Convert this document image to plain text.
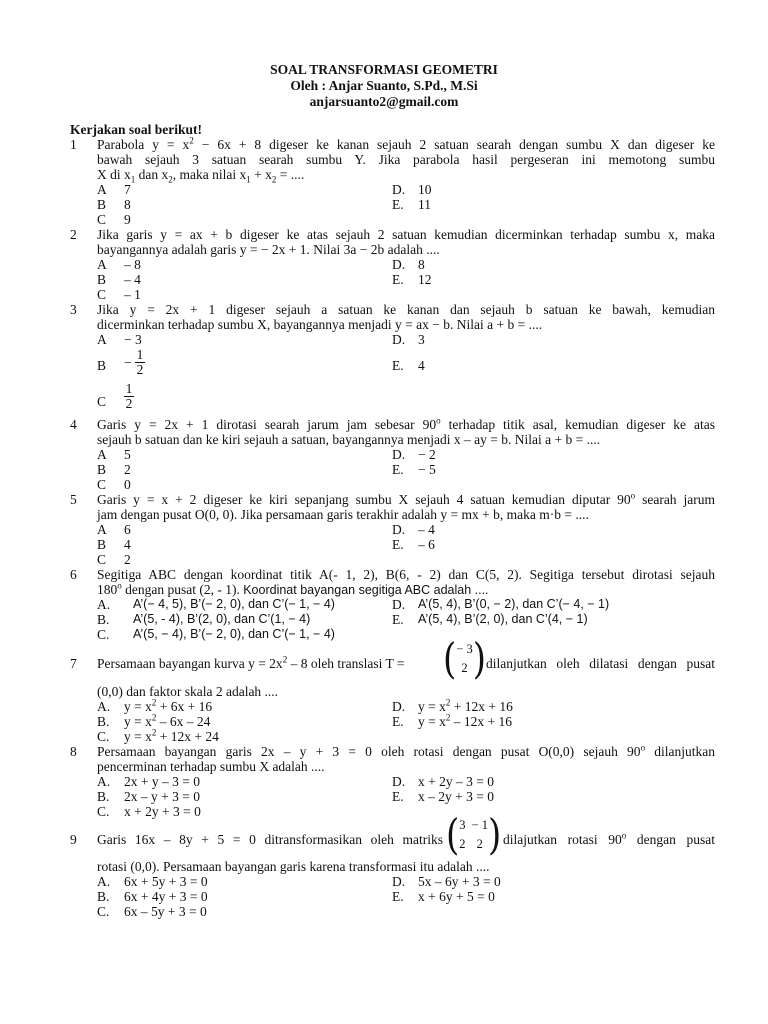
SOAL TRANSFORMASI GEOMETRI
Oleh : Anjar Suanto, S.Pd., M.Si
anjarsuanto2@gmail.com
Kerjakan soal berikut!
1 Parabola $y = x^2 - 6x + 8$ digeser ke kanan sejauh 2 satuan searah dengan sumbu X dan digeser ke
bawah sejauh 3 satuan searah sumbu Y. Jika parabola hasil pergeseran ini memotong sumbu
X di $x_1$ dan $x_2$, maka nilai $x_1 + x_2$ = ....
A 7	D. 10
B 8	E. 11
C 9
2 Jika garis y = ax + b digeser ke atas sejauh 2 satuan kemudian dicerminkan terhadap sumbu x, maka
bayangannya adalah garis y = − 2x + 1. Nilai 3a − 2b adalah ....
A – 8	D. 8
B – 4	E. 12
C – 1
3 Jika y = 2x + 1 digeser sejauh a satuan ke kanan dan sejauh b satuan ke bawah, kemudian
dicerminkan terhadap sumbu X, bayangannya menjadi y = ax − b. Nilai a + b = ....
A − 3	D. 3
$B - \frac{1}{2}$	E. 4
C $\frac{1}{2}$
4 Garis y = 2x + 1 dirotasi searah jarum jam sebesar 90$^o$ terhadap titik asal, kemudian digeser ke atas
sejauh b satuan dan ke kiri sejauh a satuan, bayangannya menjadi x – ay = b. Nilai a + b = ....
A 5	D. − 2
B 2	E. − 5
C 0
5 Garis y = x + 2 digeser ke kiri sepanjang sumbu X sejauh 4 satuan kemudian diputar 90$^o$ searah jarum
jam dengan pusat O(0, 0). Jika persamaan garis terakhir adalah y = mx + b, maka m·b = ....
A 6	D. – 4
B 4	E. – 6
C 2
6 Segitiga ABC dengan koordinat titik A(- 1, 2), B(6, - 2) dan C(5, 2). Segitiga tersebut dirotasi sejauh
180$^o$ dengan pusat (2, - 1). Koordinat bayangan segitiga ABC adalah ....
A. A’(− 4, 5), B’(− 2, 0), dan C’(− 1, − 4)	D. A’(5, 4), B’(0, − 2), dan C’(− 4, − 1)
B. A’(5, - 4), B’(2, 0), dan C’(1, − 4)	E. A’(5, 4), B’(2, 0), dan C’(4, − 1)
C. A’(5, − 4), B’(− 2, 0), dan C’(− 1, − 4)
7 Persamaan bayangan kurva $y = 2x^2 - 8$ oleh translasi T = ( − 3
2 ) dilanjutkan oleh dilatasi dengan pusat
(0,0) dan faktor skala 2 adalah ....
A. $y = x^2 + 6x + 16$	D. $y = x^2 + 12x + 16$
B. $y = x^2 - 6x - 24$	E. $y = x^2 - 12x + 16$
C. $y = x^2 + 12x + 24$
8 Persamaan bayangan garis 2x – y + 3 = 0 oleh rotasi dengan pusat O(0,0) sejauh 90$^o$ dilanjutkan
pencerminan terhadap sumbu X adalah ....
A. 2x + y – 3 = 0	D. x + 2y – 3 = 0
B. 2x – y + 3 = 0	E. x – 2y + 3 = 0
C. x + 2y + 3 = 0
9 Garis 16x – 8y + 5 = 0 ditransformasikan oleh matriks ( 3 − 1
2 2 ) dilajutkan rotasi 90$^o$ dengan pusat
rotasi (0,0). Persamaan bayangan garis karena transformasi itu adalah ....
A. 6x + 5y + 3 = 0	D. 5x – 6y + 3 = 0
B. 6x + 4y + 3 = 0	E. x + 6y + 5 = 0
C. 6x – 5y + 3 = 0
